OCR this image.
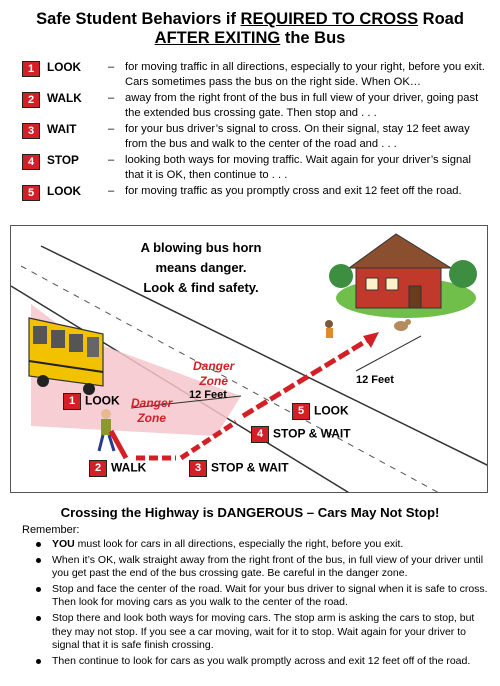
Safe Student Behaviors if REQUIRED TO CROSS Road
AFTER EXITING the Bus
1	LOOK – for moving traffic in all directions, especially to your right, before you exit. Cars sometimes pass the bus on the right side. When OK…
2	WALK – away from the right front of the bus in full view of your driver, going past the extended bus crossing gate. Then stop and . . .
3	WAIT	– for your bus driver’s signal to cross. On their signal, stay 12 feet away from the bus and walk to the center of the road and . . .
4	STOP	– looking both ways for moving traffic. Wait again for your driver’s signal that it is OK, then continue to . . .
5	LOOK – for moving traffic as you promptly cross and exit 12 feet off the road.
A blowing bus horn
means danger.
Look & find safety.
Danger
Zone
Danger
Zone
12 Feet
12 Feet
1 LOOK
2 WALK	3 STOP & WAIT
4 STOP & WAIT
5 LOOK
Crossing the Highway is DANGEROUS – Cars May Not Stop!
Remember:
YOU must look for cars in all directions, especially the right, before you exit.
When it’s OK, walk straight away from the right front of the bus, in full view of your driver until you get past the end of the bus crossing gate. Be careful in the danger zone.
Stop and face the center of the road. Wait for your bus driver to signal when it is safe to cross. Then look for moving cars as you walk to the center of the road.
Stop there and look both ways for moving cars. The stop arm is asking the cars to stop, but they may not stop. If you see a car moving, wait for it to stop. Wait again for your driver to signal that it is safe finish crossing.
Then continue to look for cars as you walk promptly across and exit 12 feet off of the road.
